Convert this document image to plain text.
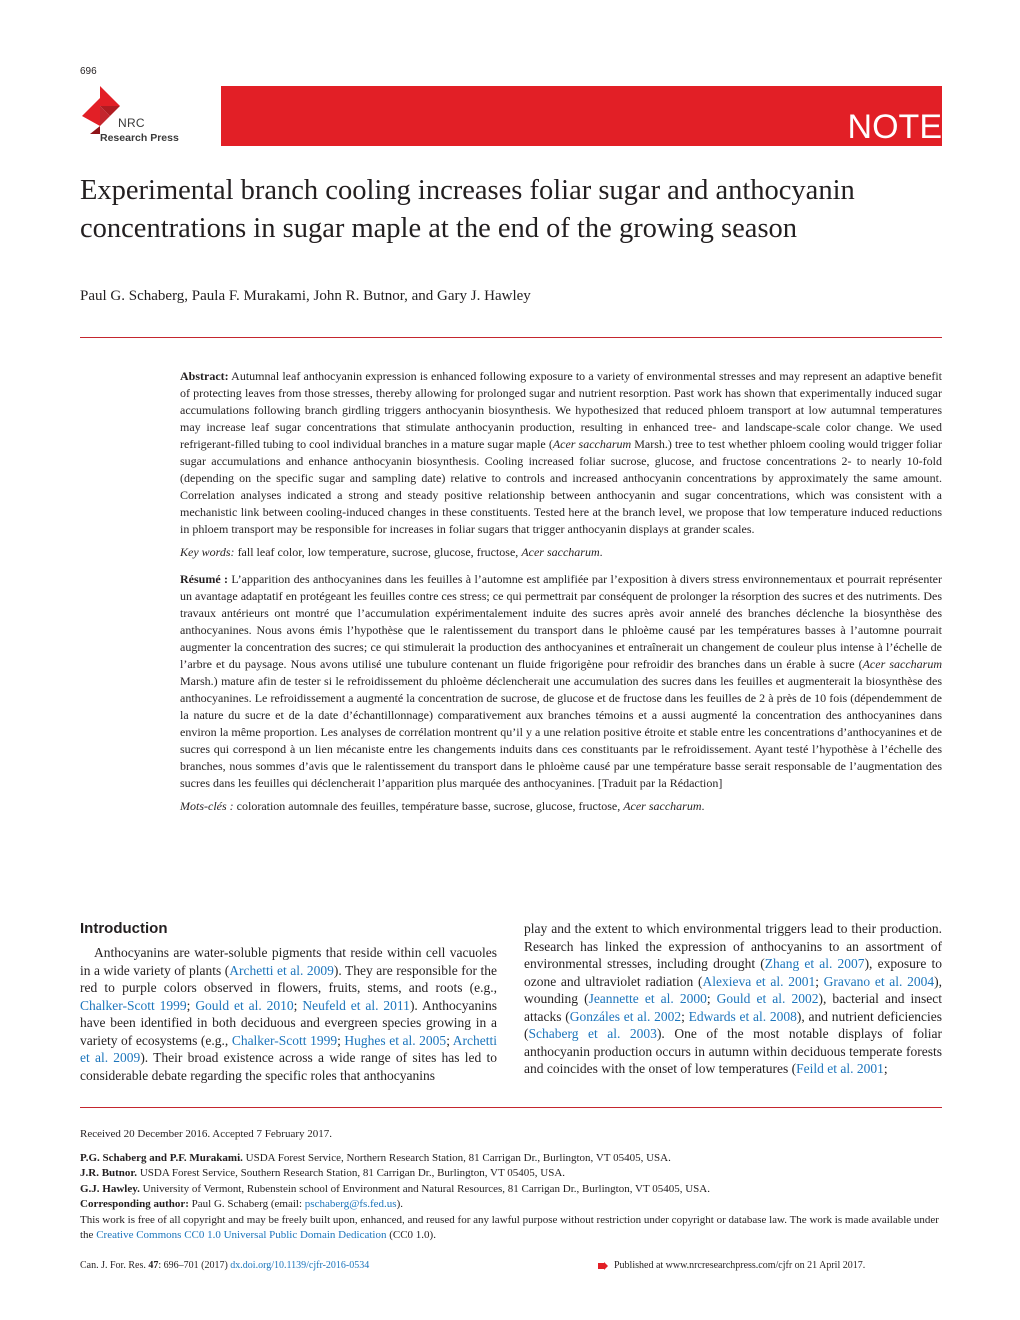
696
NRC
Research Press	NOTE
Experimental branch cooling increases foliar sugar and anthocyanin concentrations in sugar maple at the end of the growing season
Paul G. Schaberg, Paula F. Murakami, John R. Butnor, and Gary J. Hawley

Abstract: Autumnal leaf anthocyanin expression is enhanced following exposure to a variety of environmental stresses and may represent an adaptive benefit of protecting leaves from those stresses, thereby allowing for prolonged sugar and nutrient resorption. Past work has shown that experimentally induced sugar accumulations following branch girdling triggers anthocyanin biosynthesis. We hypothesized that reduced phloem transport at low autumnal temperatures may increase leaf sugar concentrations that stimulate anthocyanin production, resulting in enhanced tree- and landscape-scale color change. We used refrigerant-filled tubing to cool individual branches in a mature sugar maple (Acer saccharum Marsh.) tree to test whether phloem cooling would trigger foliar sugar accumulations and enhance anthocyanin biosynthesis. Cooling increased foliar sucrose, glucose, and fructose concentrations 2- to nearly 10-fold (depending on the specific sugar and sampling date) relative to controls and increased anthocyanin concentrations by approximately the same amount. Correlation analyses indicated a strong and steady positive relationship between anthocyanin and sugar concentrations, which was consistent with a mechanistic link between cooling-induced changes in these constituents. Tested here at the branch level, we propose that low temperature induced reductions in phloem transport may be responsible for increases in foliar sugars that trigger anthocyanin displays at grander scales.

Key words: fall leaf color, low temperature, sucrose, glucose, fructose, Acer saccharum.

Résumé : L’apparition des anthocyanines dans les feuilles à l’automne est amplifiée par l’exposition à divers stress environnementaux et pourrait représenter un avantage adaptatif en protégeant les feuilles contre ces stress; ce qui permettrait par conséquent de prolonger la résorption des sucres et des nutriments. Des travaux antérieurs ont montré que l’accumulation expérimentalement induite des sucres après avoir annelé des branches déclenche la biosynthèse des anthocyanines. Nous avons émis l’hypothèse que le ralentissement du transport dans le phloème causé par les températures basses à l’automne pourrait augmenter la concentration des sucres; ce qui stimulerait la production des anthocyanines et entraînerait un changement de couleur plus intense à l’échelle de l’arbre et du paysage. Nous avons utilisé une tubulure contenant un fluide frigorigène pour refroidir des branches dans un érable à sucre (Acer saccharum Marsh.) mature afin de tester si le refroidissement du phloème déclencherait une accumulation des sucres dans les feuilles et augmenterait la biosynthèse des anthocyanines. Le refroidissement a augmenté la concentration de sucrose, de glucose et de fructose dans les feuilles de 2 à près de 10 fois (dépendemment de la nature du sucre et de la date d’échantillonnage) comparativement aux branches témoins et a aussi augmenté la concentration des anthocyanines dans environ la même proportion. Les analyses de corrélation montrent qu’il y a une relation positive étroite et stable entre les concentrations d’anthocyanines et de sucres qui correspond à un lien mécaniste entre les changements induits dans ces constituants par le refroidissement. Ayant testé l’hypothèse à l’échelle des branches, nous sommes d’avis que le ralentissement du transport dans le phloème causé par une température basse serait responsable de l’augmentation des sucres dans les feuilles qui déclencherait l’apparition plus marquée des anthocyanines. [Traduit par la Rédaction]

Mots-clés : coloration automnale des feuilles, température basse, sucrose, glucose, fructose, Acer saccharum.

Introduction

Anthocyanins are water-soluble pigments that reside within cell vacuoles in a wide variety of plants (Archetti et al. 2009). They are responsible for the red to purple colors observed in flowers, fruits, stems, and roots (e.g., Chalker-Scott 1999; Gould et al. 2010; Neufeld et al. 2011). Anthocyanins have been identified in both deciduous and evergreen species growing in a variety of ecosystems (e.g., Chalker-Scott 1999; Hughes et al. 2005; Archetti et al. 2009). Their broad existence across a wide range of sites has led to considerable debate regarding the specific roles that anthocyanins

play and the extent to which environmental triggers lead to their production. Research has linked the expression of anthocyanins to an assortment of environmental stresses, including drought (Zhang et al. 2007), exposure to ozone and ultraviolet radiation (Alexieva et al. 2001; Gravano et al. 2004), wounding (Jeannette et al. 2000; Gould et al. 2002), bacterial and insect attacks (Gonzáles et al. 2002; Edwards et al. 2008), and nutrient deficiencies (Schaberg et al. 2003). One of the most notable displays of foliar anthocyanin production occurs in autumn within deciduous temperate forests and coincides with the onset of low temperatures (Feild et al. 2001;

Received 20 December 2016. Accepted 7 February 2017.

P.G. Schaberg and P.F. Murakami. USDA Forest Service, Northern Research Station, 81 Carrigan Dr., Burlington, VT 05405, USA.

J.R. Butnor. USDA Forest Service, Southern Research Station, 81 Carrigan Dr., Burlington, VT 05405, USA.

G.J. Hawley. University of Vermont, Rubenstein school of Environment and Natural Resources, 81 Carrigan Dr., Burlington, VT 05405, USA.

Corresponding author: Paul G. Schaberg (email: pschaberg@fs.fed.us).

This work is free of all copyright and may be freely built upon, enhanced, and reused for any lawful purpose without restriction under copyright or database law. The work is made available under the Creative Commons CC0 1.0 Universal Public Domain Dedication (CC0 1.0).

Can. J. For. Res. 47: 696–701 (2017) dx.doi.org/10.1139/cjfr-2016-0534	Published at www.nrcresearchpress.com/cjfr on 21 April 2017.
